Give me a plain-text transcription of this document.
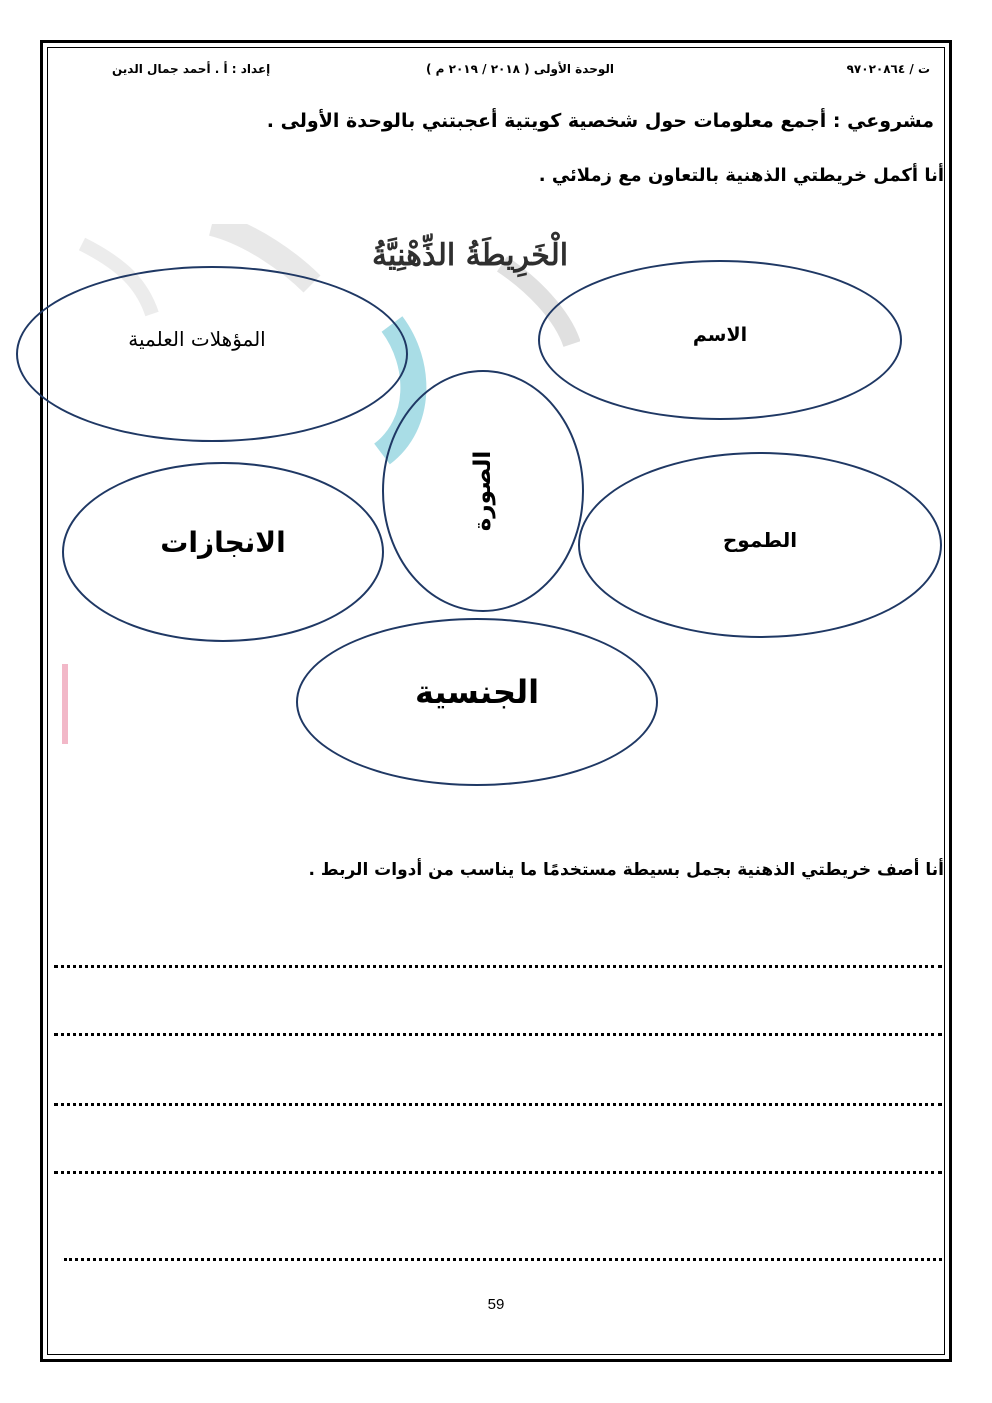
ت / ٩٧٠٢٠٨٦٤
الوحدة الأولى ( ٢٠١٨ / ٢٠١٩ م )
إعداد : أ . أحمد جمال الدين
مشروعي : أجمع معلومات حول شخصية كويتية أعجبتني بالوحدة الأولى .
أنا أكمل خريطتي الذهنية بالتعاون مع زملائي .
الْخَرِيطَةُ الذِّهْنِيَّةُ
المؤهلات العلمية	الاسم
الصورة
الانجازات	الطموح
الجنسية
أنا أصف خريطتي الذهنية بجمل بسيطة مستخدمًا ما يناسب من أدوات الربط .
59
